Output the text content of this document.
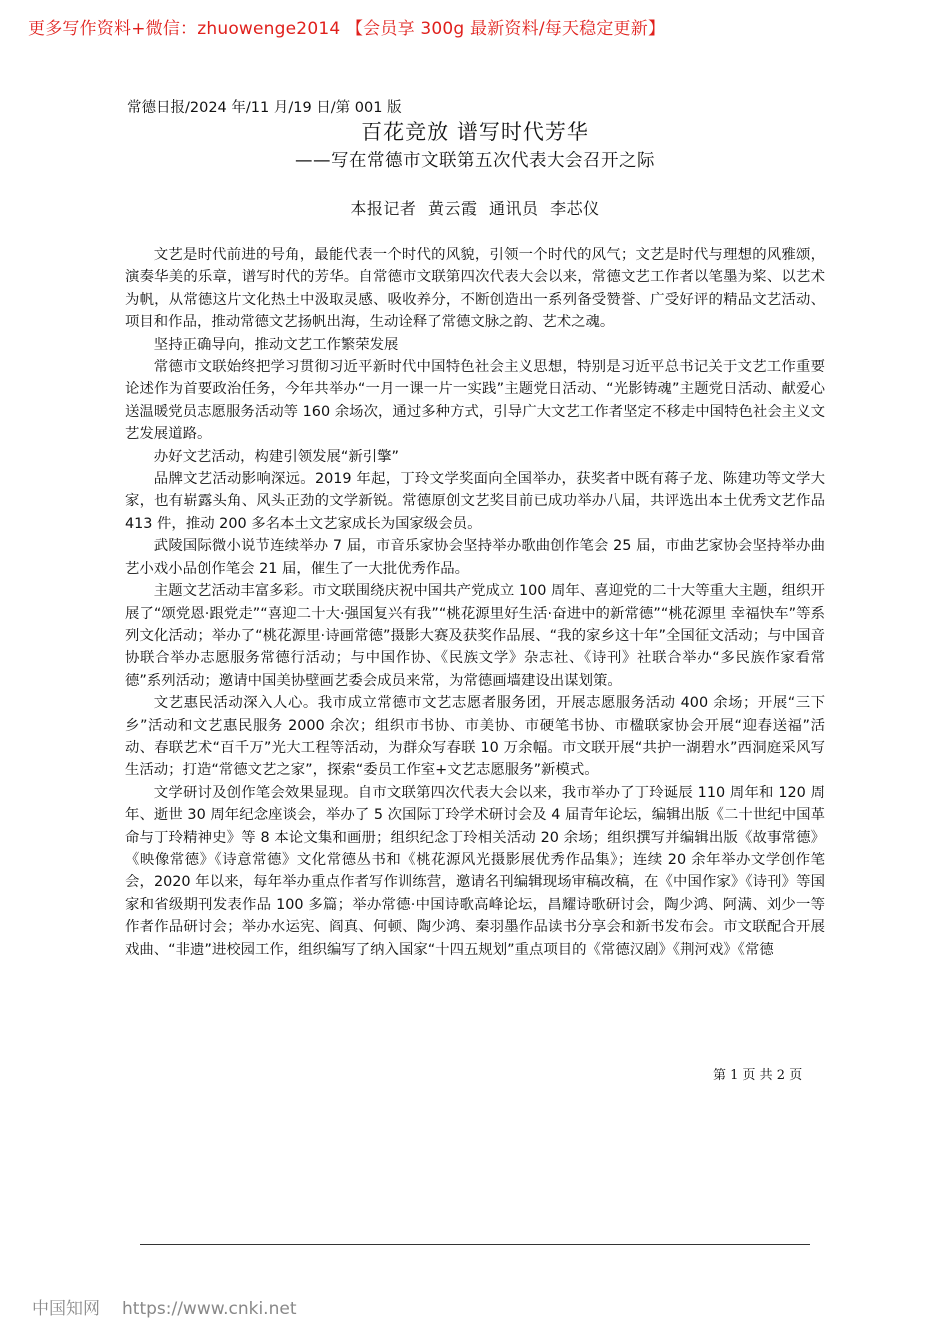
更多写作资料+微信：zhuowenge2014 【会员享 300g 最新资料/每天稳定更新】
常德日报/2024 年/11 月/19 日/第 001 版
百花竞放 谱写时代芳华
——写在常德市文联第五次代表大会召开之际
本报记者 黄云霞 通讯员 李芯仪

文艺是时代前进的号角，最能代表一个时代的风貌，引领一个时代的风气；文艺是时代与理想的风雅颂，演奏华美的乐章，谱写时代的芳华。自常德市文联第四次代表大会以来，常德文艺工作者以笔墨为桨、以艺术为帆，从常德这片文化热土中汲取灵感、吸收养分，不断创造出一系列备受赞誉、广受好评的精品文艺活动、项目和作品，推动常德文艺扬帆出海，生动诠释了常德文脉之韵、艺术之魂。

坚持正确导向，推动文艺工作繁荣发展

常德市文联始终把学习贯彻习近平新时代中国特色社会主义思想，特别是习近平总书记关于文艺工作重要论述作为首要政治任务，今年共举办“一月一课一片一实践”主题党日活动、“光影铸魂”主题党日活动、献爱心送温暖党员志愿服务活动等 160 余场次，通过多种方式，引导广大文艺工作者坚定不移走中国特色社会主义文艺发展道路。

办好文艺活动，构建引领发展“新引擎”

品牌文艺活动影响深远。2019 年起，丁玲文学奖面向全国举办，获奖者中既有蒋子龙、陈建功等文学大家，也有崭露头角、风头正劲的文学新锐。常德原创文艺奖目前已成功举办八届，共评选出本土优秀文艺作品 413 件，推动 200 多名本土文艺家成长为国家级会员。

武陵国际微小说节连续举办 7 届，市音乐家协会坚持举办歌曲创作笔会 25 届，市曲艺家协会坚持举办曲艺小戏小品创作笔会 21 届，催生了一大批优秀作品。

主题文艺活动丰富多彩。市文联围绕庆祝中国共产党成立 100 周年、喜迎党的二十大等重大主题，组织开展了“颂党恩·跟党走”“喜迎二十大·强国复兴有我”“桃花源里好生活·奋进中的新常德”“桃花源里 幸福快车”等系列文化活动；举办了“桃花源里·诗画常德”摄影大赛及获奖作品展、“我的家乡这十年”全国征文活动；与中国音协联合举办志愿服务常德行活动；与中国作协、《民族文学》杂志社、《诗刊》社联合举办“多民族作家看常德”系列活动；邀请中国美协壁画艺委会成员来常，为常德画墙建设出谋划策。

文艺惠民活动深入人心。我市成立常德市文艺志愿者服务团，开展志愿服务活动 400 余场；开展“三下乡”活动和文艺惠民服务 2000 余次；组织市书协、市美协、市硬笔书协、市楹联家协会开展“迎春送福”活动、春联艺术“百千万”光大工程等活动，为群众写春联 10 万余幅。市文联开展“共护一湖碧水”西洞庭采风写生活动；打造“常德文艺之家”，探索“委员工作室+文艺志愿服务”新模式。

文学研讨及创作笔会效果显现。自市文联第四次代表大会以来，我市举办了丁玲诞辰 110 周年和 120 周年、逝世 30 周年纪念座谈会，举办了 5 次国际丁玲学术研讨会及 4 届青年论坛，编辑出版《二十世纪中国革命与丁玲精神史》等 8 本论文集和画册；组织纪念丁玲相关活动 20 余场；组织撰写并编辑出版《故事常德》《映像常德》《诗意常德》文化常德丛书和《桃花源风光摄影展优秀作品集》；连续 20 余年举办文学创作笔会，2020 年以来，每年举办重点作者写作训练营，邀请名刊编辑现场审稿改稿，在《中国作家》《诗刊》等国家和省级期刊发表作品 100 多篇；举办常德·中国诗歌高峰论坛，昌耀诗歌研讨会，陶少鸿、阿满、刘少一等作者作品研讨会；举办水运宪、阎真、何顿、陶少鸿、秦羽墨作品读书分享会和新书发布会。市文联配合开展戏曲、“非遗”进校园工作，组织编写了纳入国家“十四五规划”重点项目的《常德汉剧》《荆河戏》《常德

第 1 页 共 2 页
中国知网 https://www.cnki.net
